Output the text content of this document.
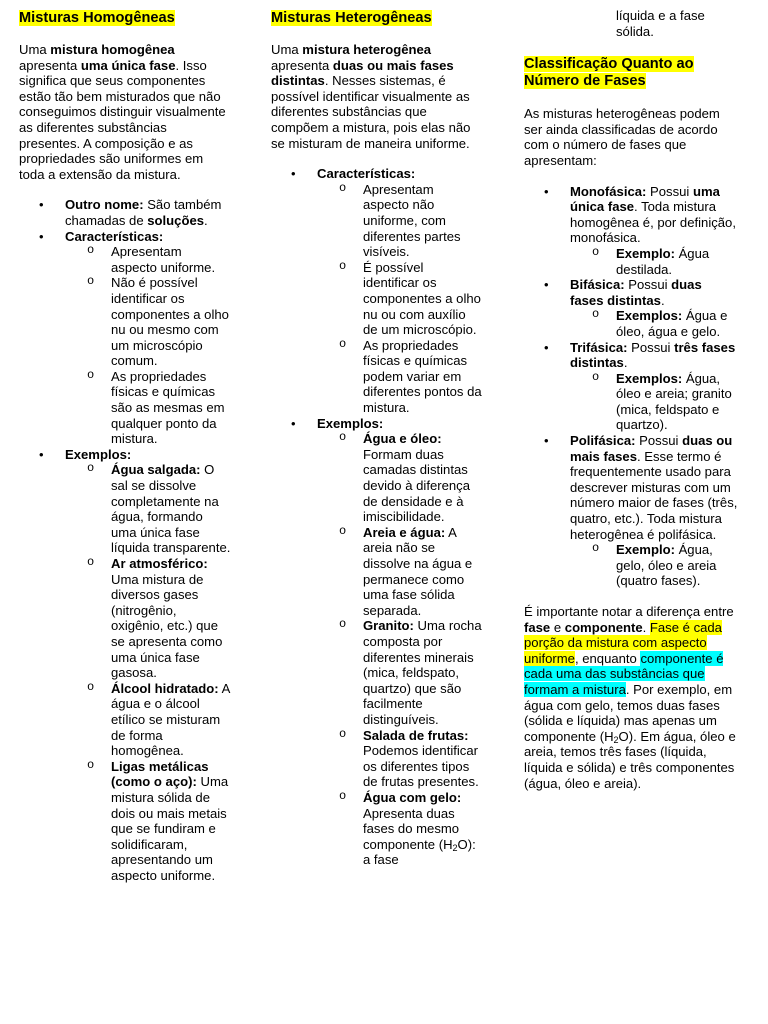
Misturas Homogêneas

Uma mistura homogênea apresenta uma única fase. Isso significa que seus componentes estão tão bem misturados que não conseguimos distinguir visualmente as diferentes substâncias presentes. A composição e as propriedades são uniformes em toda a extensão da mistura.

• Outro nome: São também chamadas de soluções.
• Características:
o Apresentam aspecto uniforme.
o Não é possível identificar os componentes a olho nu ou mesmo com um microscópio comum.
o As propriedades físicas e químicas são as mesmas em qualquer ponto da mistura.
• Exemplos:
o Água salgada: O sal se dissolve completamente na água, formando uma única fase líquida transparente.
o Ar atmosférico: Uma mistura de diversos gases (nitrogênio, oxigênio, etc.) que se apresenta como uma única fase gasosa.
o Álcool hidratado: A água e o álcool etílico se misturam de forma homogênea.
o Ligas metálicas (como o aço): Uma mistura sólida de dois ou mais metais que se fundiram e solidificaram, apresentando um aspecto uniforme.
Misturas Heterogêneas

Uma mistura heterogênea apresenta duas ou mais fases distintas. Nesses sistemas, é possível identificar visualmente as diferentes substâncias que compõem a mistura, pois elas não se misturam de maneira uniforme.

• Características:
o Apresentam aspecto não uniforme, com diferentes partes visíveis.
o É possível identificar os componentes a olho nu ou com auxílio de um microscópio.
o As propriedades físicas e químicas podem variar em diferentes pontos da mistura.
• Exemplos:
o Água e óleo: Formam duas camadas distintas devido à diferença de densidade e à imiscibilidade.
o Areia e água: A areia não se dissolve na água e permanece como uma fase sólida separada.
o Granito: Uma rocha composta por diferentes minerais (mica, feldspato, quartzo) que são facilmente distinguíveis.
o Salada de frutas: Podemos identificar os diferentes tipos de frutas presentes.
o Água com gelo: Apresenta duas fases do mesmo componente $(H_2O)$: a fase

líquida e a fase sólida.

Classificação Quanto ao Número de Fases

As misturas heterogêneas podem ser ainda classificadas de acordo com o número de fases que apresentam:

• Monofásica: Possui uma única fase. Toda mistura homogênea é, por definição, monofásica.
o Exemplo: Água destilada.
• Bifásica: Possui duas fases distintas.
o Exemplos: Água e óleo, água e gelo.
• Trifásica: Possui três fases distintas.
o Exemplos: Água, óleo e areia; granito (mica, feldspato e quartzo).
• Polifásica: Possui duas ou mais fases. Esse termo é frequentemente usado para descrever misturas com um número maior de fases (três, quatro, etc.). Toda mistura heterogênea é polifásica.
o Exemplo: Água, gelo, óleo e areia (quatro fases).

É importante notar a diferença entre fase e componente. Fase é cada porção da mistura com aspecto uniforme, enquanto componente é cada uma das substâncias que formam a mistura. Por exemplo, em água com gelo, temos duas fases (sólida e líquida) mas apenas um componente $(H_2O)$. Em água, óleo e areia, temos três fases (líquida, líquida e sólida) e três componentes (água, óleo e areia).
